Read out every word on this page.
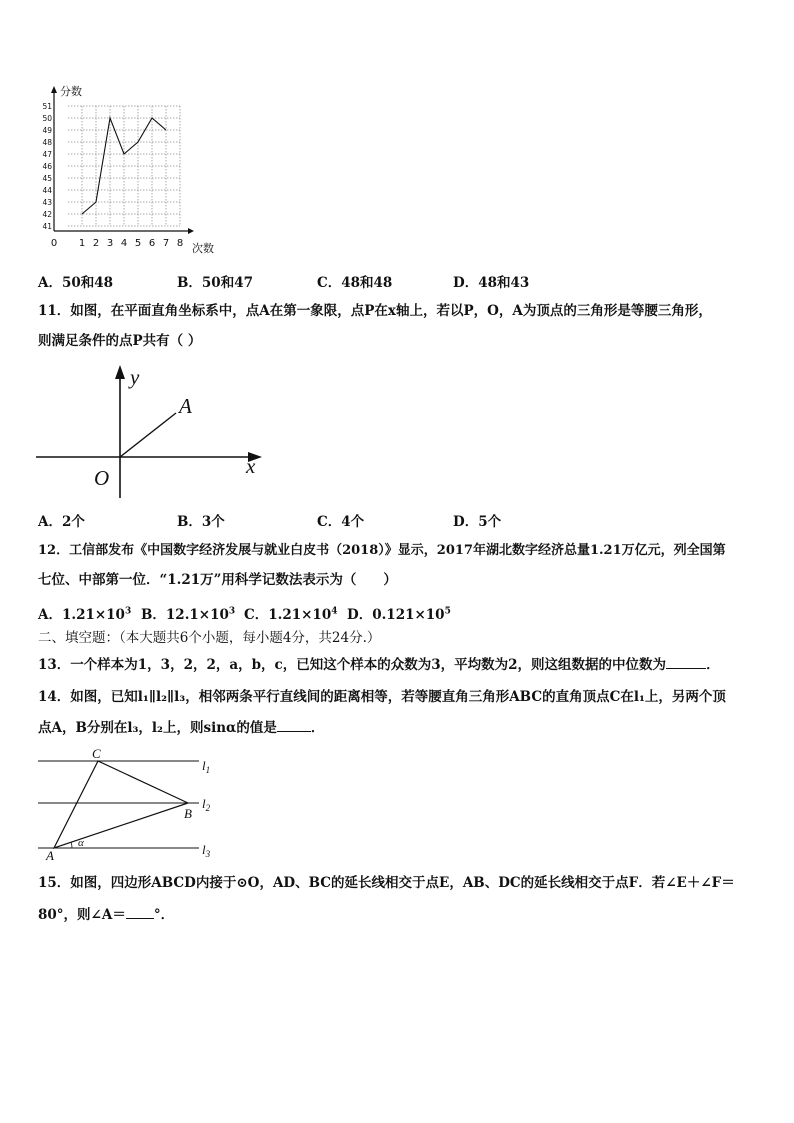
0 1 2 3 4 5 6 7 8
41
42
43
44
45
46
47
48
49
50
51
分数
次数
A．50和48	B．50和47	C．48和48	D．48和43
11．如图，在平面直角坐标系中，点A在第一象限，点P在x轴上，若以P，O，A为顶点的三角形是等腰三角形，
则满足条件的点P共有（ ）
y
x
O
A
A．2个	B．3个	C．4个	D．5个
12．工信部发布《中国数字经济发展与就业白皮书（2018）》显示，2017年湖北数字经济总量1.21万亿元，列全国第
七位、中部第一位．“1.21万”用科学记数法表示为（　　）
A．$1.21\times 10^3$ B．$12.1\times 10^3$ C．$1.21\times 10^4$ D．$0.121\times 10^5$
二、填空题：（本大题共6个小题，每小题4分，共24分.）
13．一个样本为1，3，2，2，a，b，c，已知这个样本的众数为3，平均数为2，则这组数据的中位数为	．
14．如图，已知l₁∥l₂∥l₃，相邻两条平行直线间的距离相等，若等腰直角三角形ABC的直角顶点C在l₁上，另两个顶
点A，B分别在l₃，l₂上，则sinα的值是	．
C
B
A
α
$l_1$
$l_2$
$l_3$
15．如图，四边形ABCD内接于⊙O，AD、BC的延长线相交于点E，AB、DC的延长线相交于点F．若∠E＋∠F＝
80°，则∠A＝ °．
